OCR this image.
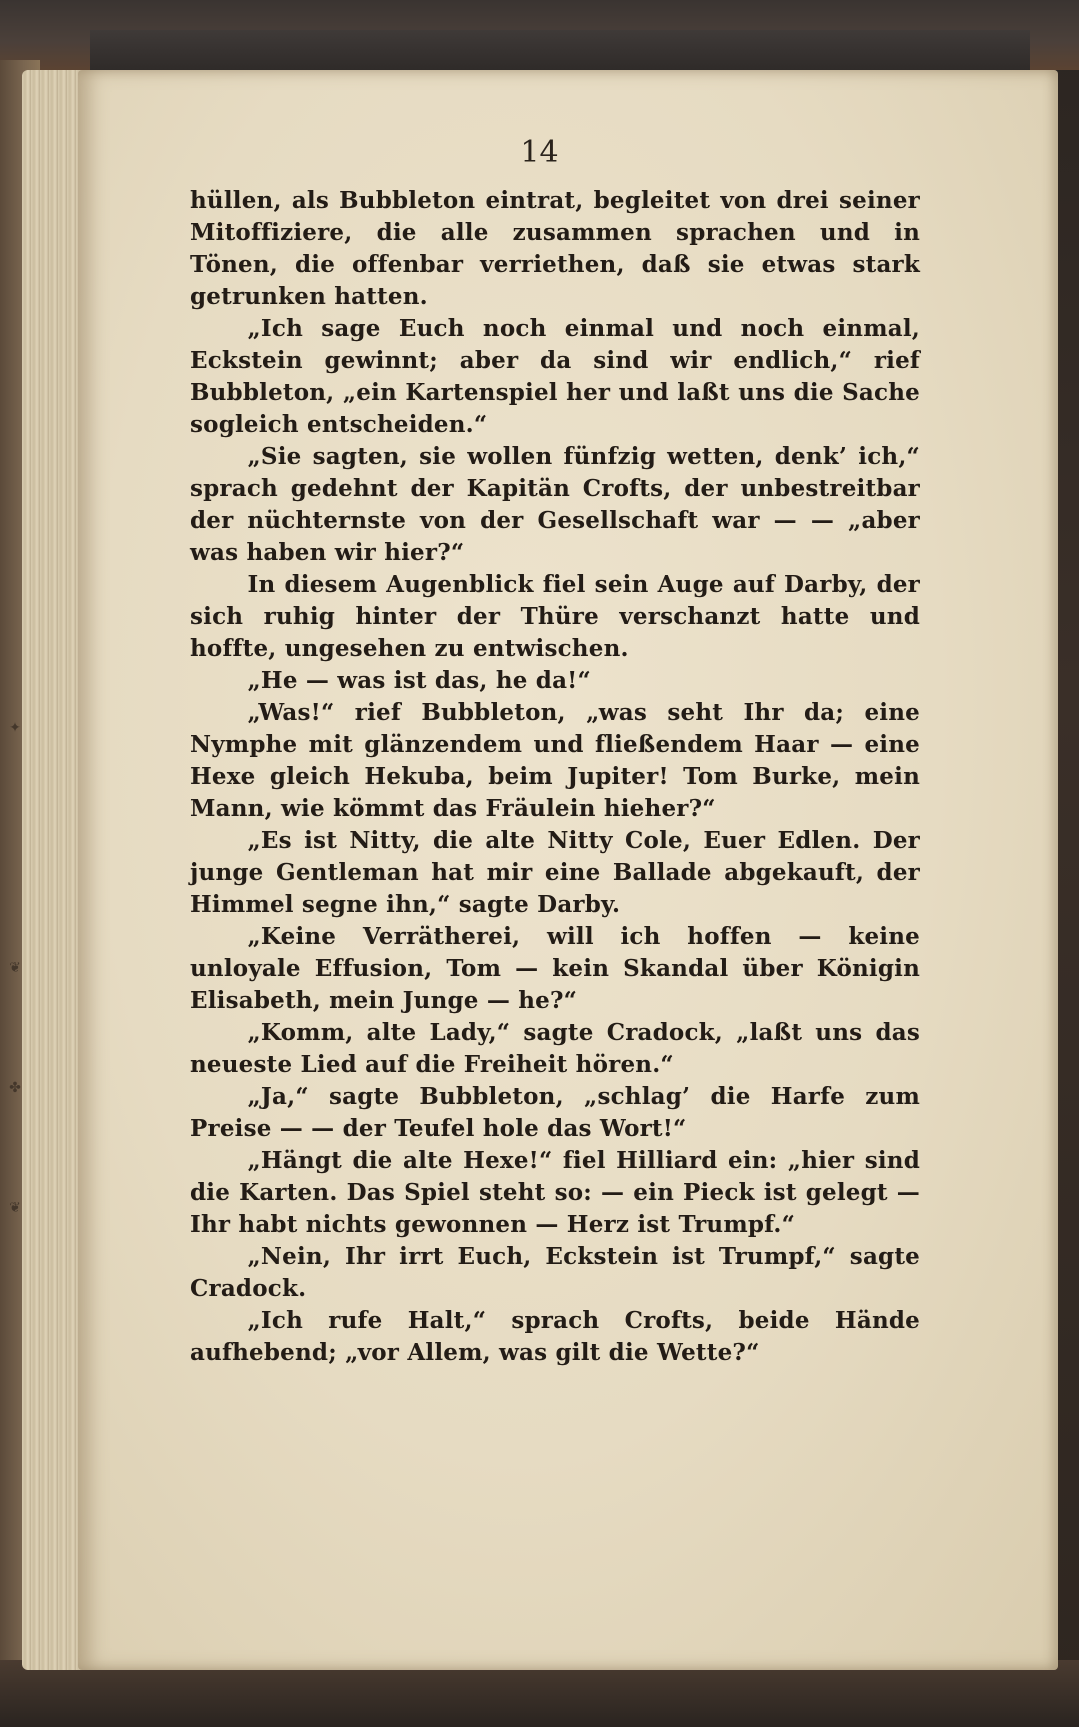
✦
❦
✤
❦
14

hüllen, als Bubbleton eintrat, begleitet von drei seiner Mitoffiziere, die alle zusammen sprachen und in Tönen, die offenbar verriethen, daß sie etwas stark getrunken hatten.

„Ich sage Euch noch einmal und noch einmal, Eckstein gewinnt; aber da sind wir endlich,“ rief Bubbleton, „ein Kartenspiel her und laßt uns die Sache sogleich entscheiden.“

„Sie sagten, sie wollen fünfzig wetten, denk’ ich,“ sprach gedehnt der Kapitän Crofts, der unbestreitbar der nüchternste von der Gesellschaft war — — „aber was haben wir hier?“

In diesem Augenblick fiel sein Auge auf Darby, der sich ruhig hinter der Thüre verschanzt hatte und hoffte, ungesehen zu entwischen.

„He — was ist das, he da!“

„Was!“ rief Bubbleton, „was seht Ihr da; eine Nymphe mit glänzendem und fließendem Haar — eine Hexe gleich Hekuba, beim Jupiter! Tom Burke, mein Mann, wie kömmt das Fräulein hieher?“

„Es ist Nitty, die alte Nitty Cole, Euer Edlen. Der junge Gentleman hat mir eine Ballade abgekauft, der Himmel segne ihn,“ sagte Darby.

„Keine Verrätherei, will ich hoffen — keine unloyale Effusion, Tom — kein Skandal über Königin Elisabeth, mein Junge — he?“

„Komm, alte Lady,“ sagte Cradock, „laßt uns das neueste Lied auf die Freiheit hören.“

„Ja,“ sagte Bubbleton, „schlag’ die Harfe zum Preise — — der Teufel hole das Wort!“

„Hängt die alte Hexe!“ fiel Hilliard ein: „hier sind die Karten. Das Spiel steht so: — ein Pieck ist gelegt — Ihr habt nichts gewonnen — Herz ist Trumpf.“

„Nein, Ihr irrt Euch, Eckstein ist Trumpf,“ sagte Cradock.

„Ich rufe Halt,“ sprach Crofts, beide Hände aufhebend; „vor Allem, was gilt die Wette?“
